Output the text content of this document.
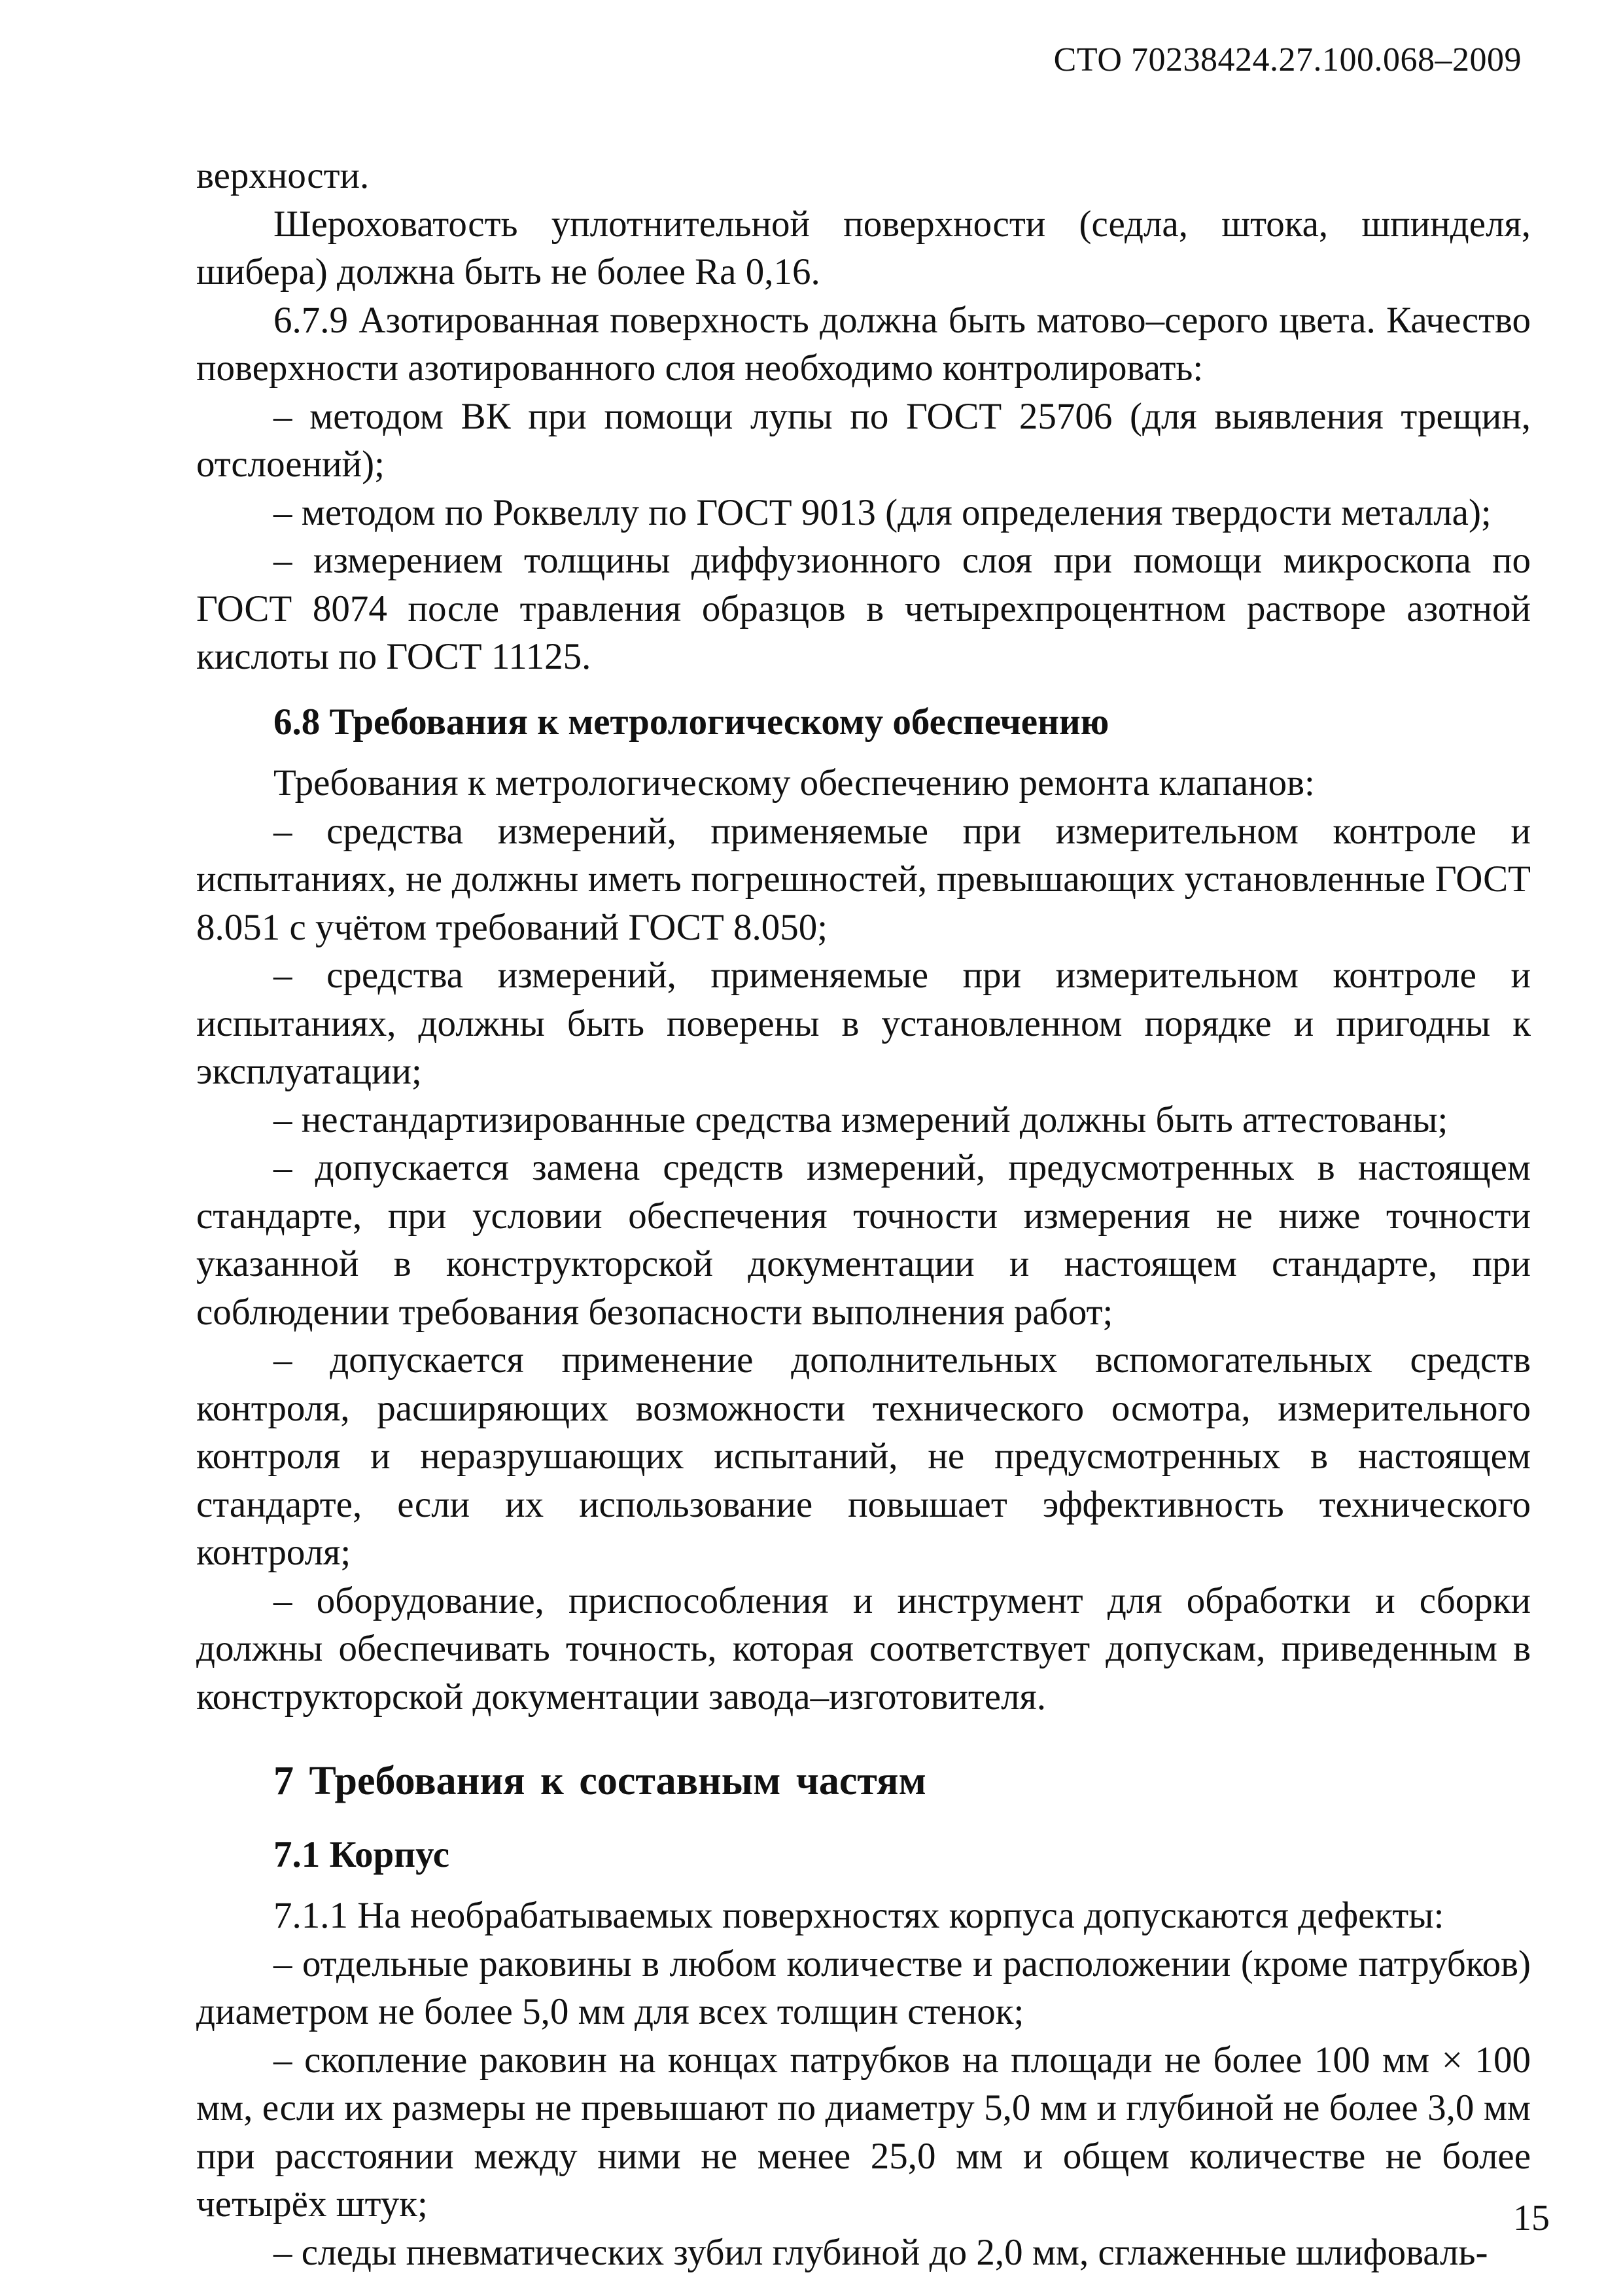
СТО 70238424.27.100.068–2009

верхности.

Шероховатость уплотнительной поверхности (седла, штока, шпинделя, шибера) должна быть не более Ra 0,16.

6.7.9 Азотированная поверхность должна быть матово–серого цвета. Качество поверхности азотированного слоя необходимо контролировать:

– методом ВК при помощи лупы по ГОСТ 25706 (для выявления трещин, отслоений);

– методом по Роквеллу по ГОСТ 9013 (для определения твердости металла);

– измерением толщины диффузионного слоя при помощи микроскопа по ГОСТ 8074 после травления образцов в четырехпроцентном растворе азотной кислоты по ГОСТ 11125.

6.8 Требования к метрологическому обеспечению

Требования к метрологическому обеспечению ремонта клапанов:

– средства измерений, применяемые при измерительном контроле и испытаниях, не должны иметь погрешностей, превышающих установленные ГОСТ 8.051 с учётом требований ГОСТ 8.050;

– средства измерений, применяемые при измерительном контроле и испытаниях, должны быть поверены в установленном порядке и пригодны к эксплуатации;

– нестандартизированные средства измерений должны быть аттестованы;

– допускается замена средств измерений, предусмотренных в настоящем стандарте, при условии обеспечения точности измерения не ниже точности указанной в конструкторской документации и настоящем стандарте, при соблюдении требования безопасности выполнения работ;

– допускается применение дополнительных вспомогательных средств контроля, расширяющих возможности технического осмотра, измерительного контроля и неразрушающих испытаний, не предусмотренных в настоящем стандарте, если их использование повышает эффективность технического контроля;

– оборудование, приспособления и инструмент для обработки и сборки должны обеспечивать точность, которая соответствует допускам, приведенным в конструкторской документации завода–изготовителя.

7 Требования к составным частям

7.1 Корпус

7.1.1 На необрабатываемых поверхностях корпуса допускаются дефекты:

– отдельные раковины в любом количестве и расположении (кроме патрубков) диаметром не более 5,0 мм для всех толщин стенок;

– скопление раковин на концах патрубков на площади не более 100 мм × 100 мм, если их размеры не превышают по диаметру 5,0 мм и глубиной не более 3,0 мм при расстоянии между ними не менее 25,0 мм и общем количестве не более четырёх штук;

– следы пневматических зубил глубиной до 2,0 мм, сглаженные шлифоваль-

15
